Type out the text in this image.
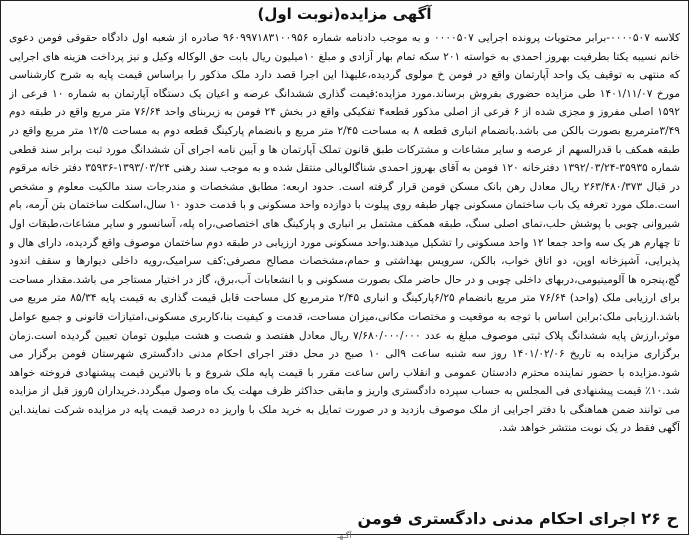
آگهی مزایده(نوبت اول)
کلاسه ۰۰۰۰۵۰۷-برابر محتویات پرونده اجرایی ۰۰۰۰۵۰۷ و به موجب دادنامه شماره ۹۶۰۹۹۷۱۸۳۱۰۰۹۵۶ صادره از شعبه اول دادگاه حقوقی فومن دعوی خانم نسیبه یکتا بطرفیت بهروز احمدی به خواسته ۲۰۱ سکه تمام بهار آزادی و مبلغ ۱۰میلیون ریال بابت حق الوکاله وکیل و نیز پرداخت هزینه های اجرایی که منتهی به توقیف یک واحد آپارتمان واقع در فومن خ مولوی گردیده،علیهذا این اجرا قصد دارد ملک مذکور را براساس قیمت پایه به شرح کارشناسی مورخ ۱۴۰۱/۱۱/۰۷ طی مزایده حضوری بفروش برساند.مورد مزایده:قیمت گذاری ششدانگ عرصه و اعیان یک دستگاه آپارتمان به شماره ۱۰ فرعی از ۱۵۹۲ اصلی مفروز و مجزی شده از ۶ فرعی از اصلی مذکور قطعه۴ تفکیکی واقع در بخش ۲۴ فومن به زیربنای واحد ۷۶/۶۴ متر مربع واقع در طبقه دوم ۳/۴۹مترمربع بصورت بالکن می باشد.بانضمام انباری قطعه ۸ به مساحت ۲/۴۵ متر مربع و بانضمام پارکینگ قطعه دوم به مساحت ۱۲/۵ متر مربع واقع در طبقه همکف با قدرالسهم از عرصه و سایر مشاعات و مشترکات طبق قانون تملک آپارتمان ها و آیین نامه اجرای آن ششدانگ مورد ثبت برابر سند قطعی شماره ۳۵۹۳۵-۱۳۹۲/۰۳/۲۴ دفترخانه ۱۲۰ فومن به آقای بهروز احمدی شناگالوبالی منتقل شده و به موجب سند رهنی ۱۳۹۳/۰۳/۲۴-۳۵۹۳۶ دفتر خانه مرقوم در قبال ۲۶۳/۴۸۰/۳۷۳ ریال معادل رهن بانک مسکن فومن قرار گرفته است. حدود اربعه: مطابق مشخصات و مندرجات سند مالکیت معلوم و مشخص است.ملک مورد تعرفه یک باب ساختمان مسکونی چهار طبقه روی پیلوت با دوازده واحد مسکونی و با قدمت حدود ۱۰ سال،اسکلت ساختمان بتن آرمه، بام شیروانی چوبی با پوشش حلب،نمای اصلی سنگ، طبقه همکف مشتمل بر انباری و پارکینگ های اختصاصی،راه پله، آسانسور و سایر مشاعات،طبقات اول تا چهارم هر یک سه واحد جمعا ۱۲ واحد مسکونی را تشکیل میدهند.واحد مسکونی مورد ارزیابی در طبقه دوم ساختمان موصوف واقع گردیده، دارای هال و پذیرایی، آشپزخانه اوپن، دو اتاق خواب، بالکن، سرویس بهداشتی و حمام،مشخصات مصالح مصرفی:کف سرامیک،رویه داخلی دیوارها و سقف اندود گچ،پنجره ها آلومینیومی،دربهای داخلی چوبی و در حال حاضر ملک بصورت مسکونی و با انشعابات آب،برق، گاز در اختیار مستاجر می باشد.مقدار مساحت برای ارزیابی ملک (واحد) ۷۶/۶۴ متر مربع بانضمام ۶/۲۵پارکینگ و انباری ۲/۴۵ مترمربع کل مساحت قابل قیمت گذاری به قیمت پایه ۸۵/۳۴ متر مربع می باشد.ارزیابی ملک:براین اساس با توجه به موقعیت و مختصات مکانی،میزان مساحت، قدمت و کیفیت بنا،کاربری مسکونی،امتیازات قانونی و جمیع عوامل موثر،ارزش پایه ششدانگ پلاک ثبتی موصوف مبلغ به عدد ۷/۶۸۰/۰۰۰/۰۰۰ ریال معادل هفتصد و شصت و هشت میلیون تومان تعیین گردیده است.زمان برگزاری مزایده به تاریخ ۱۴۰۱/۰۲/۰۶ روز سه شنبه ساعت ۹الی ۱۰ صبح در محل دفتر اجرای احکام مدنی دادگستری شهرستان فومن برگزار می شود.مزایده با حضور نماینده محترم دادستان عمومی و انقلاب راس ساعت مقرر با قیمت پایه ملک شروع و با بالاترین قیمت پیشنهادی فروخته خواهد شد.۱۰٪ قیمت پیشنهادی فی المجلس به حساب سپرده دادگستری واریز و مابقی حداکثر ظرف مهلت یک ماه وصول میگردد.خریداران ۵روز قبل از مزایده می توانند ضمن هماهنگی با دفتر اجرایی از ملک موصوف بازدید و در صورت تمایل به خرید ملک با واریز ده درصد قیمت پایه در مزایده شرکت نمایند.این آگهی فقط در یک نوبت منتشر خواهد شد.
ح ۲۶ اجرای احکام مدنی دادگستری فومن
آگـهـ
